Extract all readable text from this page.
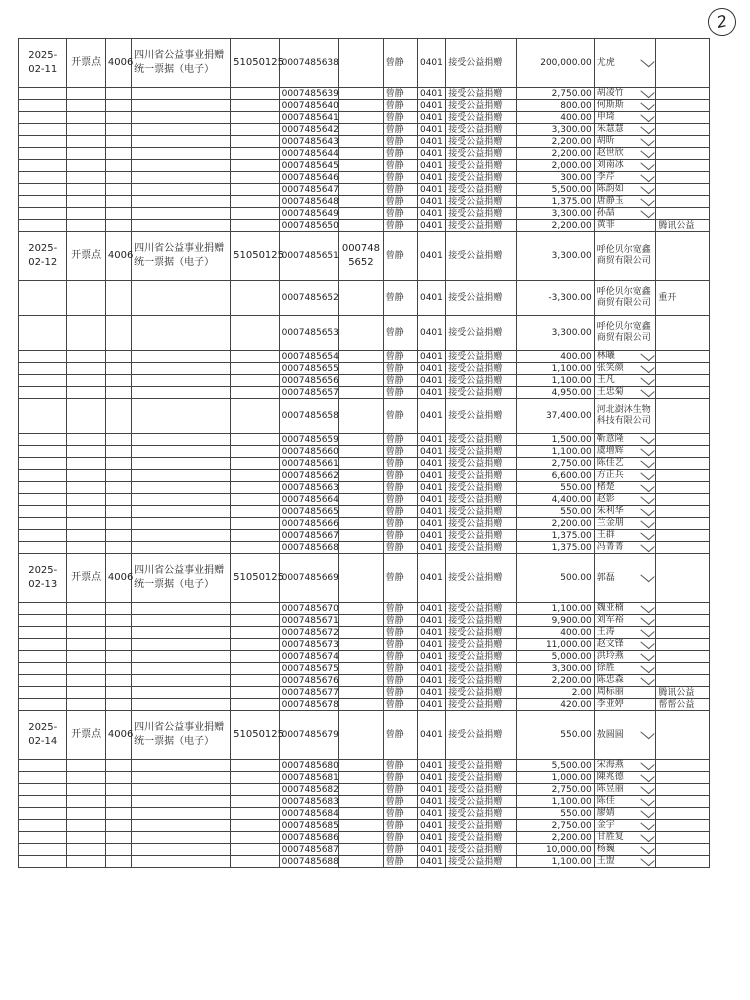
2
2025-02-11	开票点	4006	四川省公益事业捐赠统一票据（电子）	51050125	0007485638		曾静	0401	接受公益捐赠	200,000.00	尤虎

					0007485639		曾静	0401	接受公益捐赠	2,750.00	胡凌竹

					0007485640		曾静	0401	接受公益捐赠	800.00	何斯斯

					0007485641		曾静	0401	接受公益捐赠	400.00	申琦

					0007485642		曾静	0401	接受公益捐赠	3,300.00	朱慧慧

					0007485643		曾静	0401	接受公益捐赠	2,200.00	胡昕

					0007485644		曾静	0401	接受公益捐赠	2,200.00	赵世欣

					0007485645		曾静	0401	接受公益捐赠	2,000.00	刘南冰

					0007485646		曾静	0401	接受公益捐赠	300.00	李芹

					0007485647		曾静	0401	接受公益捐赠	5,500.00	陈韵如

					0007485648		曾静	0401	接受公益捐赠	1,375.00	唐静玉

					0007485649		曾静	0401	接受公益捐赠	3,300.00	孙喆

					0007485650		曾静	0401	接受公益捐赠	2,200.00	黄菲	腾讯公益
2025-02-12	开票点	4006	四川省公益事业捐赠统一票据（电子）	51050125	0007485651	0007485652	曾静	0401	接受公益捐赠	3,300.00	呼伦贝尔宽鑫商贸有限公司	
					0007485652		曾静	0401	接受公益捐赠	-3,300.00	呼伦贝尔宽鑫商贸有限公司	重开
					0007485653		曾静	0401	接受公益捐赠	3,300.00	呼伦贝尔宽鑫商贸有限公司	
					0007485654		曾静	0401	接受公益捐赠	400.00	林曦

					0007485655		曾静	0401	接受公益捐赠	1,100.00	张笑颜

					0007485656		曾静	0401	接受公益捐赠	1,100.00	王凡

					0007485657		曾静	0401	接受公益捐赠	4,950.00	王忠菊

					0007485658		曾静	0401	接受公益捐赠	37,400.00	河北澍沐生物科技有限公司	
					0007485659		曾静	0401	接受公益捐赠	1,500.00	靳意隆

					0007485660		曾静	0401	接受公益捐赠	1,100.00	虞增辉

					0007485661		曾静	0401	接受公益捐赠	2,750.00	陈佳艺

					0007485662		曾静	0401	接受公益捐赠	6,600.00	方正兵

					0007485663		曾静	0401	接受公益捐赠	550.00	楮楚

					0007485664		曾静	0401	接受公益捐赠	4,400.00	赵影

					0007485665		曾静	0401	接受公益捐赠	550.00	朱利华

					0007485666		曾静	0401	接受公益捐赠	2,200.00	兰金朋

					0007485667		曾静	0401	接受公益捐赠	1,375.00	王群

					0007485668		曾静	0401	接受公益捐赠	1,375.00	冯菁菁

2025-02-13	开票点	4006	四川省公益事业捐赠统一票据（电子）	51050125	0007485669		曾静	0401	接受公益捐赠	500.00	郭磊

					0007485670		曾静	0401	接受公益捐赠	1,100.00	魏亚楠

					0007485671		曾静	0401	接受公益捐赠	9,900.00	刘军裕

					0007485672		曾静	0401	接受公益捐赠	400.00	王涛

					0007485673		曾静	0401	接受公益捐赠	11,000.00	赵文锋

					0007485674		曾静	0401	接受公益捐赠	5,000.00	洪玲燕

					0007485675		曾静	0401	接受公益捐赠	3,300.00	徐胜

					0007485676		曾静	0401	接受公益捐赠	2,200.00	陈忠森

					0007485677		曾静	0401	接受公益捐赠	2.00	周标丽	腾讯公益
					0007485678		曾静	0401	接受公益捐赠	420.00	李亚婷	帮帮公益
2025-02-14	开票点	4006	四川省公益事业捐赠统一票据（电子）	51050125	0007485679		曾静	0401	接受公益捐赠	550.00	敖圆圆

					0007485680		曾静	0401	接受公益捐赠	5,500.00	宋海燕

					0007485681		曾静	0401	接受公益捐赠	1,000.00	陳兆德

					0007485682		曾静	0401	接受公益捐赠	2,750.00	陈昱丽

					0007485683		曾静	0401	接受公益捐赠	1,100.00	陈佳

					0007485684		曾静	0401	接受公益捐赠	550.00	廖婧

					0007485685		曾静	0401	接受公益捐赠	2,750.00	金宇

					0007485686		曾静	0401	接受公益捐赠	2,200.00	甘胜复

					0007485687		曾静	0401	接受公益捐赠	10,000.00	杨巍

					0007485688		曾静	0401	接受公益捐赠	1,100.00	王盟
